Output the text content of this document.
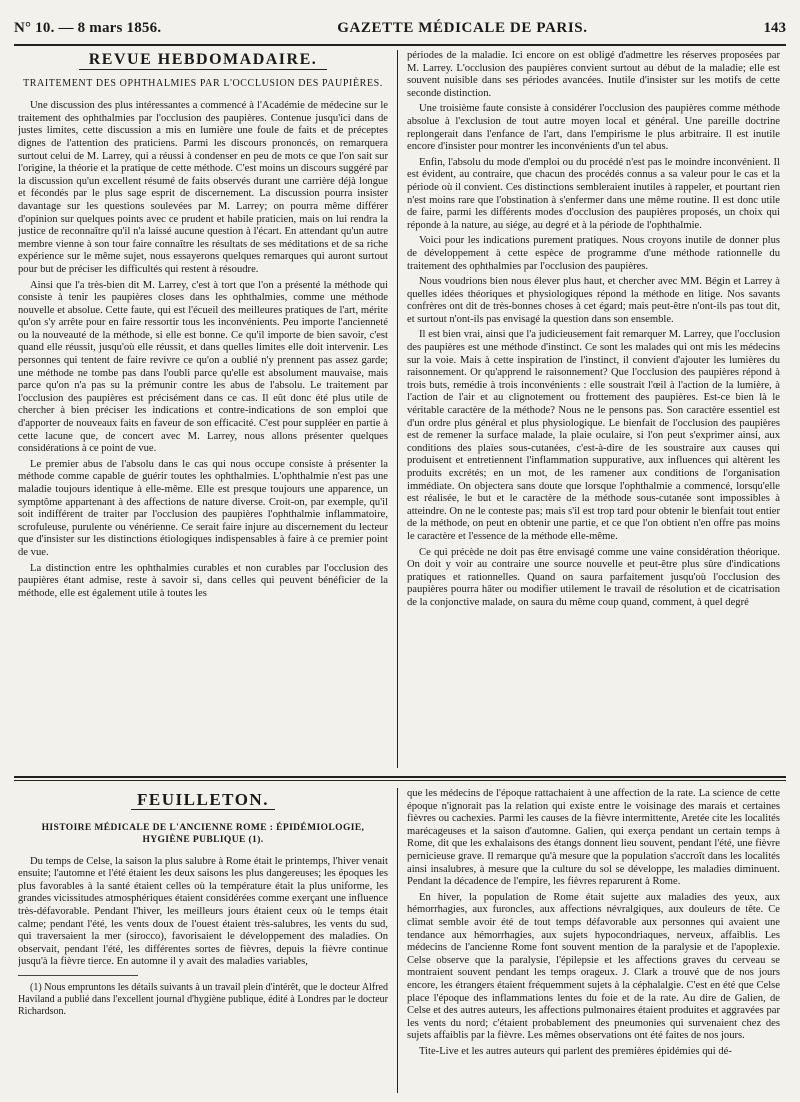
N° 10. — 8 mars 1856.	GAZETTE MÉDICALE DE PARIS.	143
REVUE HEBDOMADAIRE.
TRAITEMENT DES OPHTHALMIES PAR L'OCCLUSION DES PAUPIÈRES.

Une discussion des plus intéressantes a commencé à l'Académie de médecine sur le traitement des ophthalmies par l'occlusion des paupières. Contenue jusqu'ici dans de justes limites, cette discussion a mis en lumière une foule de faits et de préceptes dignes de l'attention des praticiens. Parmi les discours prononcés, on remarquera surtout celui de M. Larrey, qui a réussi à condenser en peu de mots ce que l'on sait sur l'origine, la théorie et la pratique de cette méthode. C'est moins un discours suggéré par la discussion qu'un excellent résumé de faits observés durant une carrière déjà longue et fécondés par le plus sage esprit de discernement. La discussion pourra insister davantage sur les questions soulevées par M. Larrey; on pourra même différer d'opinion sur quelques points avec ce prudent et habile praticien, mais on lui rendra la justice de reconnaître qu'il n'a laissé aucune question à l'écart. En attendant qu'un autre membre vienne à son tour faire connaître les résultats de ses méditations et de sa riche expérience sur le même sujet, nous essayerons quelques remarques qui auront surtout pour but de préciser les difficultés qui restent à résoudre.

Ainsi que l'a très-bien dit M. Larrey, c'est à tort que l'on a présenté la méthode qui consiste à tenir les paupières closes dans les ophthalmies, comme une méthode nouvelle et absolue. Cette faute, qui est l'écueil des meilleures pratiques de l'art, mérite qu'on s'y arrête pour en faire ressortir tous les inconvénients. Peu importe l'ancienneté ou la nouveauté de la méthode, si elle est bonne. Ce qu'il importe de bien savoir, c'est quand elle réussit, jusqu'où elle réussit, et dans quelles limites elle doit intervenir. Les personnes qui tentent de faire revivre ce qu'on a oublié n'y prennent pas assez garde; une méthode ne tombe pas dans l'oubli parce qu'elle est absolument mauvaise, mais parce qu'on n'a pas su la prémunir contre les abus de l'absolu. Le traitement par l'occlusion des paupières est précisément dans ce cas. Il eût donc été plus utile de chercher à bien préciser les indications et contre-indications de son emploi que d'apporter de nouveaux faits en faveur de son efficacité. C'est pour suppléer en partie à cette lacune que, de concert avec M. Larrey, nous allons présenter quelques considérations à ce point de vue.

Le premier abus de l'absolu dans le cas qui nous occupe consiste à présenter la méthode comme capable de guérir toutes les ophthalmies. L'ophthalmie n'est pas une maladie toujours identique à elle-même. Elle est presque toujours une apparence, un symptôme appartenant à des affections de nature diverse. Croit-on, par exemple, qu'il soit indifférent de traiter par l'occlusion des paupières l'ophthalmie inflammatoire, scrofuleuse, purulente ou vénérienne. Ce serait faire injure au discernement du lecteur que d'insister sur les distinctions étiologiques indispensables à faire à ce premier point de vue.

La distinction entre les ophthalmies curables et non curables par l'occlusion des paupières étant admise, reste à savoir si, dans celles qui peuvent bénéficier de la méthode, elle est également utile à toutes les

périodes de la maladie. Ici encore on est obligé d'admettre les réserves proposées par M. Larrey. L'occlusion des paupières convient surtout au début de la maladie; elle est souvent nuisible dans ses périodes avancées. Inutile d'insister sur les motifs de cette seconde distinction.

Une troisième faute consiste à considérer l'occlusion des paupières comme méthode absolue à l'exclusion de tout autre moyen local et général. Une pareille doctrine replongerait dans l'enfance de l'art, dans l'empirisme le plus arbitraire. Il est inutile encore d'insister pour montrer les inconvénients d'un tel abus.

Enfin, l'absolu du mode d'emploi ou du procédé n'est pas le moindre inconvénient. Il est évident, au contraire, que chacun des procédés connus a sa valeur pour le cas et la période où il convient. Ces distinctions sembleraient inutiles à rappeler, et pourtant rien n'est moins rare que l'obstination à s'enfermer dans une même routine. Il est donc utile de faire, parmi les différents modes d'occlusion des paupières proposés, un choix qui réponde à la nature, au siége, au degré et à la période de l'ophthalmie.

Voici pour les indications purement pratiques. Nous croyons inutile de donner plus de développement à cette espèce de programme d'une méthode rationnelle du traitement des ophthalmies par l'occlusion des paupières.

Nous voudrions bien nous élever plus haut, et chercher avec MM. Bégin et Larrey à quelles idées théoriques et physiologiques répond la méthode en litige. Nos savants confrères ont dit de très-bonnes choses à cet égard; mais peut-être n'ont-ils pas tout dit, et surtout n'ont-ils pas envisagé la question dans son ensemble.

Il est bien vrai, ainsi que l'a judicieusement fait remarquer M. Larrey, que l'occlusion des paupières est une méthode d'instinct. Ce sont les malades qui ont mis les médecins sur la voie. Mais à cette inspiration de l'instinct, il convient d'ajouter les lumières du raisonnement. Or qu'apprend le raisonnement? Que l'occlusion des paupières répond à trois buts, remédie à trois inconvénients : elle soustrait l'œil à l'action de la lumière, à l'action de l'air et au clignotement ou frottement des paupières. Est-ce bien là le véritable caractère de la méthode? Nous ne le pensons pas. Son caractère essentiel est d'un ordre plus général et plus physiologique. Le bienfait de l'occlusion des paupières est de remener la surface malade, la plaie oculaire, si l'on peut s'exprimer ainsi, aux conditions des plaies sous-cutanées, c'est-à-dire de les soustraire aux causes qui produisent et entretiennent l'inflammation suppurative, aux influences qui altèrent les produits excrétés; en un mot, de les ramener aux conditions de l'organisation immédiate. On objectera sans doute que lorsque l'ophthalmie a commencé, lorsqu'elle est réalisée, le but et le caractère de la méthode sous-cutanée sont impossibles à atteindre. On ne le conteste pas; mais s'il est trop tard pour obtenir le bienfait tout entier de la méthode, on peut en obtenir une partie, et ce que l'on obtient n'en offre pas moins le caractère et l'essence de la méthode elle-même.

Ce qui précède ne doit pas être envisagé comme une vaine considération théorique. On doit y voir au contraire une source nouvelle et peut-être plus sûre d'indications pratiques et rationnelles. Quand on saura parfaitement jusqu'où l'occlusion des paupières pourra hâter ou modifier utilement le travail de résolution et de cicatrisation de la conjonctive malade, on saura du même coup quand, comment, à quel degré

FEUILLETON.
HISTOIRE MÉDICALE DE L'ANCIENNE ROME : ÉPIDÉMIOLOGIE, HYGIÈNE PUBLIQUE (1).

Du temps de Celse, la saison la plus salubre à Rome était le printemps, l'hiver venait ensuite; l'automne et l'été étaient les deux saisons les plus dangereuses; les époques les plus favorables à la santé étaient celles où la température était la plus uniforme, les grandes vicissitudes atmosphériques étaient considérées comme exerçant une influence très-défavorable. Pendant l'hiver, les meilleurs jours étaient ceux où le temps était calme; pendant l'été, les vents doux de l'ouest étaient très-salubres, les vents du sud, qui traversaient la mer (sirocco), favorisaient le développement des maladies. On observait, pendant l'été, les différentes sortes de fièvres, depuis la fièvre continue jusqu'à la fièvre tierce. En automne il y avait des maladies variables,

(1) Nous empruntons les détails suivants à un travail plein d'intérêt, que le docteur Alfred Haviland a publié dans l'excellent journal d'hygiène publique, édité à Londres par le docteur Richardson.

que les médecins de l'époque rattachaient à une affection de la rate. La science de cette époque n'ignorait pas la relation qui existe entre le voisinage des marais et certaines fièvres ou cachexies. Parmi les causes de la fièvre intermittente, Aretée cite les localités marécageuses et la saison d'automne. Galien, qui exerça pendant un certain temps à Rome, dit que les exhalaisons des étangs donnent lieu souvent, pendant l'été, une fièvre pernicieuse grave. Il remarque qu'à mesure que la population s'accroît dans les localités ainsi insalubres, à mesure que la culture du sol se développe, les maladies diminuent. Pendant la décadence de l'empire, les fièvres reparurent à Rome.

En hiver, la population de Rome était sujette aux maladies des yeux, aux hémorrhagies, aux furoncles, aux affections névralgiques, aux douleurs de tête. Ce climat semble avoir été de tout temps défavorable aux personnes qui avaient une tendance aux hémorrhagies, aux sujets hypocondriaques, nerveux, affaiblis. Les médecins de l'ancienne Rome font souvent mention de la paralysie et de l'apoplexie. Celse observe que la paralysie, l'épilepsie et les affections graves du cerveau se montraient souvent pendant les temps orageux. J. Clark a trouvé que de nos jours encore, les étrangers étaient fréquemment sujets à la céphalalgie. C'est en été que Celse place l'époque des inflammations lentes du foie et de la rate. Au dire de Galien, de Celse et des autres auteurs, les affections pulmonaires étaient produites et aggravées par les vents du nord; c'étaient probablement des pneumonies qui survenaient chez des sujets affaiblis par la fièvre. Les mêmes observations ont été faites de nos jours.

Tite-Live et les autres auteurs qui parlent des premières épidémies qui dé-
